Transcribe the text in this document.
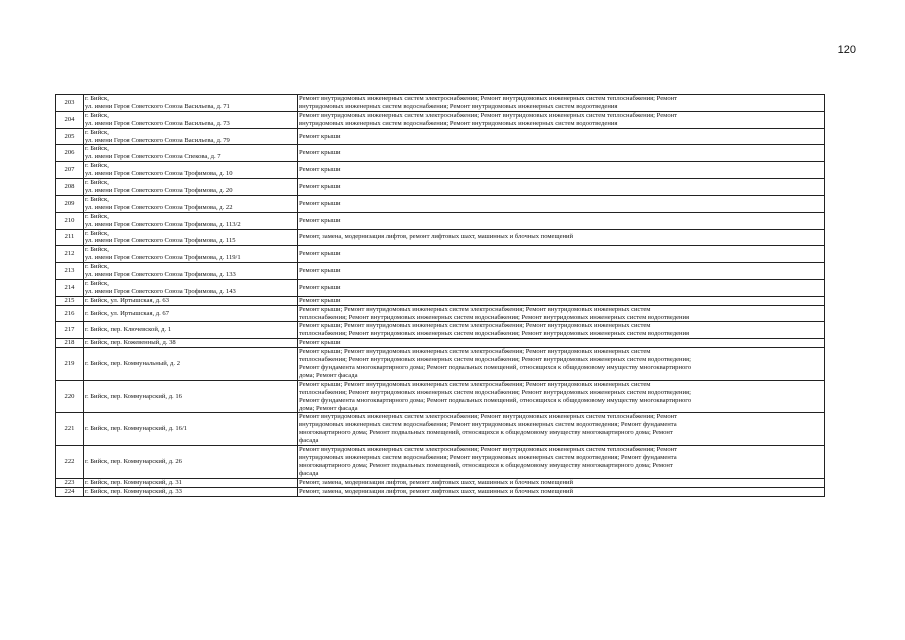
120
203	г. Бийск,
ул. имени Героя Советского Союза Васильева, д. 71	Ремонт внутридомовых инженерных систем электроснабжения; Ремонт внутридомовых инженерных систем теплоснабжения; Ремонт
внутридомовых инженерных систем водоснабжения; Ремонт внутридомовых инженерных систем водоотведения

204	г. Бийск,
ул. имени Героя Советского Союза Васильева, д. 73	Ремонт внутридомовых инженерных систем электроснабжения; Ремонт внутридомовых инженерных систем теплоснабжения; Ремонт
внутридомовых инженерных систем водоснабжения; Ремонт внутридомовых инженерных систем водоотведения

205	г. Бийск,
ул. имени Героя Советского Союза Васильева, д. 79	Ремонт крыши

206	г. Бийск,
ул. имени Героя Советского Союза Спекова, д. 7	Ремонт крыши

207	г. Бийск,
ул. имени Героя Советского Союза Трофимова, д. 10	Ремонт крыши

208	г. Бийск,
ул. имени Героя Советского Союза Трофимова, д. 20	Ремонт крыши

209	г. Бийск,
ул. имени Героя Советского Союза Трофимова, д. 22	Ремонт крыши

210	г. Бийск,
ул. имени Героя Советского Союза Трофимова, д. 113/2	Ремонт крыши

211	г. Бийск,
ул. имени Героя Советского Союза Трофимова, д. 115	Ремонт, замена, модернизация лифтов, ремонт лифтовых шахт, машинных и блочных помещений

212	г. Бийск,
ул. имени Героя Советского Союза Трофимова, д. 119/1	Ремонт крыши

213	г. Бийск,
ул. имени Героя Советского Союза Трофимова, д. 133	Ремонт крыши

214	г. Бийск,
ул. имени Героя Советского Союза Трофимова, д. 143	Ремонт крыши

215	г. Бийск, ул. Иртышская, д. 63	Ремонт крыши

216	г. Бийск, ул. Иртышская, д. 67	Ремонт крыши; Ремонт внутридомовых инженерных систем электроснабжения; Ремонт внутридомовых инженерных систем
теплоснабжения; Ремонт внутридомовых инженерных систем водоснабжения; Ремонт внутридомовых инженерных систем водоотведения

217	г. Бийск, пер. Ключевской, д. 1	Ремонт крыши; Ремонт внутридомовых инженерных систем электроснабжения; Ремонт внутридомовых инженерных систем
теплоснабжения; Ремонт внутридомовых инженерных систем водоснабжения; Ремонт внутридомовых инженерных систем водоотведения

218	г. Бийск, пер. Кожевенный, д. 38	Ремонт крыши

219	г. Бийск, пер. Коммунальный, д. 2	Ремонт крыши; Ремонт внутридомовых инженерных систем электроснабжения; Ремонт внутридомовых инженерных систем
теплоснабжения; Ремонт внутридомовых инженерных систем водоснабжения; Ремонт внутридомовых инженерных систем водоотведения;
Ремонт фундамента многоквартирного дома; Ремонт подвальных помещений, относящихся к общедомовому имуществу многоквартирного
дома; Ремонт фасада

220	г. Бийск, пер. Коммунарский, д. 16	Ремонт крыши; Ремонт внутридомовых инженерных систем электроснабжения; Ремонт внутридомовых инженерных систем
теплоснабжения; Ремонт внутридомовых инженерных систем водоснабжения; Ремонт внутридомовых инженерных систем водоотведения;
Ремонт фундамента многоквартирного дома; Ремонт подвальных помещений, относящихся к общедомовому имуществу многоквартирного
дома; Ремонт фасада

221	г. Бийск, пер. Коммунарский, д. 16/1	Ремонт внутридомовых инженерных систем электроснабжения; Ремонт внутридомовых инженерных систем теплоснабжения; Ремонт
внутридомовых инженерных систем водоснабжения; Ремонт внутридомовых инженерных систем водоотведения; Ремонт фундамента
многоквартирного дома; Ремонт подвальных помещений, относящихся к общедомовому имуществу многоквартирного дома; Ремонт
фасада

222	г. Бийск, пер. Коммунарский, д. 26	Ремонт внутридомовых инженерных систем электроснабжения; Ремонт внутридомовых инженерных систем теплоснабжения; Ремонт
внутридомовых инженерных систем водоснабжения; Ремонт внутридомовых инженерных систем водоотведения; Ремонт фундамента
многоквартирного дома; Ремонт подвальных помещений, относящихся к общедомовому имуществу многоквартирного дома; Ремонт
фасада

223	г. Бийск, пер. Коммунарский, д. 31	Ремонт, замена, модернизация лифтов, ремонт лифтовых шахт, машинных и блочных помещений

224	г. Бийск, пер. Коммунарский, д. 33	Ремонт, замена, модернизация лифтов, ремонт лифтовых шахт, машинных и блочных помещений
